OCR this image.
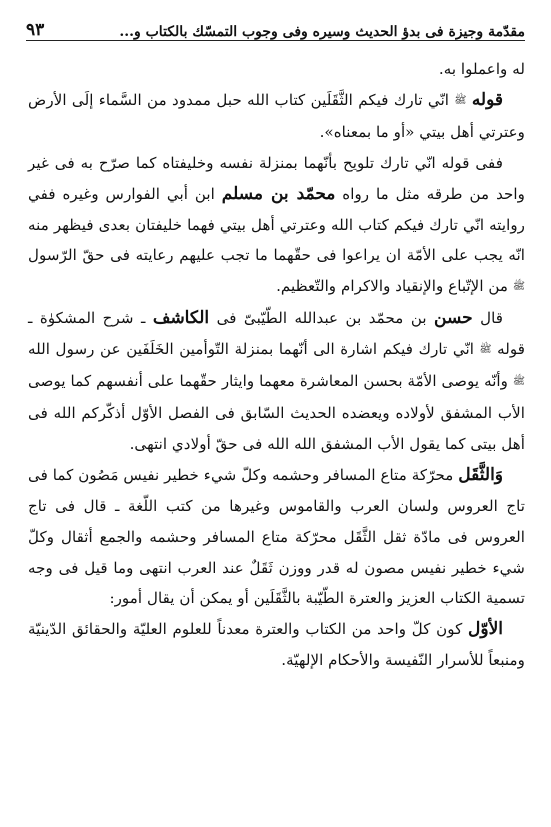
مقدّمة وجيزة فى بدؤ الحديث وسيره وفى وجوب التمسّك بالكتاب و...
٩٣

له واعملوا به.

قوله ﷺ انّي تارك فيكم الثَّقَلَين كتاب الله حبل ممدود من السَّماء إلَى الأرض وعترتي أهل بيتي «أو ما بمعناه».

ففى قوله انّي تارك تلويح بأنّهما بمنزلة نفسه وخليفتاه كما صرّح به فى غير واحد من طرقه مثل ما رواه محمّد بن مسلم ابن أبي الفوارس وغيره ففي روايته انّي تارك فيكم كتاب الله وعترتي أهل بيتي فهما خليفتان بعدى فيظهر منه انّه يجب على الأمّة ان يراعوا فى حقّهما ما تجب عليهم رعايته فى حقّ الرّسول ﷺ من الإتّباع والإنقياد والاكرام والتّعظيم.

قال حسن بن محمّد بن عبدالله الطّيّبىّ فى الكاشف ـ شرح المشكوٰة ـ قوله ﷺ انّي تارك فيكم اشارة الى أنّهما بمنزلة التّوأمين الخَلَفَين عن رسول الله ﷺ وأنّه يوصى الأمّة بحسن المعاشرة معهما وايثار حقّهما على أنفسهم كما يوصى الأب المشفق لأولاده ويعضده الحديث السّابق فى الفصل الأوّل أذكّركم الله فى أهل بيتى كما يقول الأب المشفق الله الله فى حقّ أولادي انتهى.

وَالثَّقَل محرّكة متاع المسافر وحشمه وكلّ شيء خطير نفيس مَصُون كما فى تاج العروس ولسان العرب والقاموس وغيرها من كتب اللّغة ـ قال فى تاج العروس فى مادّة ثقل الثَّقَل محرّكة متاع المسافر وحشمه والجمع أثقال وكلّ شيء خطير نفيس مصون له قدر ووزن ثَقَلٌ عند العرب انتهى وما قيل فى وجه تسمية الكتاب العزيز والعترة الطّيّبة بالثَّقَلَين أو يمكن أن يقال أمور:

الأوّل كون كلّ واحد من الكتاب والعترة معدناً للعلوم العليّة والحقائق الدّينيّة ومنبعاً للأسرار النّفيسة والأحكام الإلهيّة.
